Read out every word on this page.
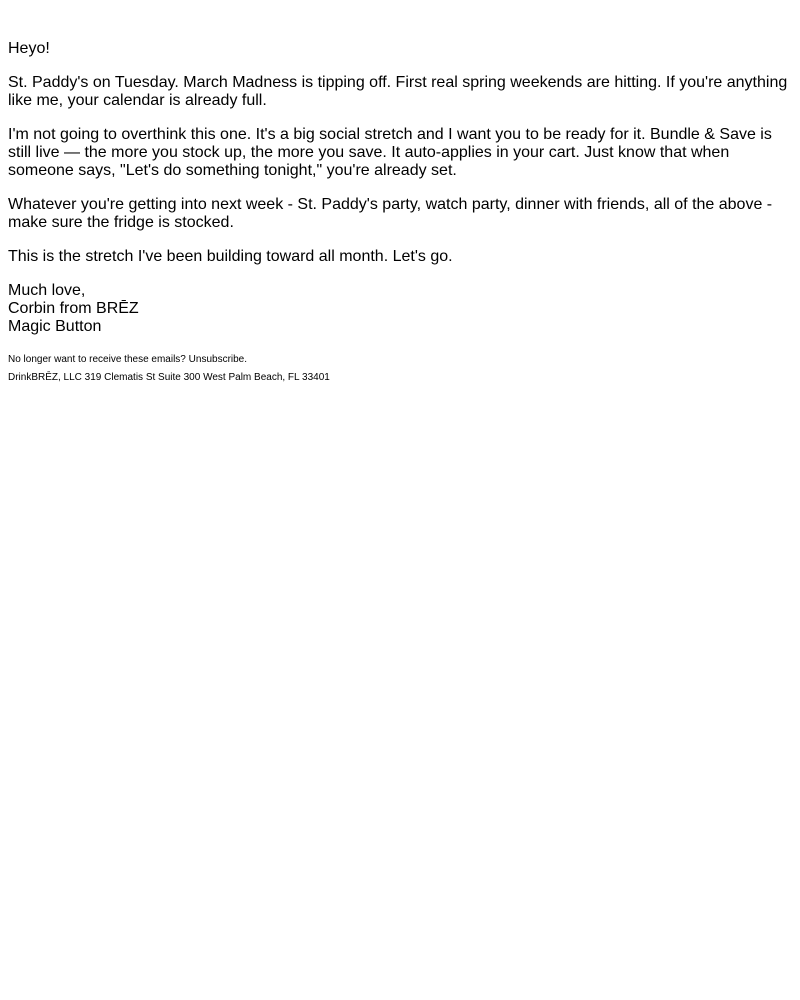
Heyo!

St. Paddy's on Tuesday. March Madness is tipping off. First real spring weekends are hitting. If you're anything like me, your calendar is already full.

I'm not going to overthink this one. It's a big social stretch and I want you to be ready for it. Bundle & Save is still live — the more you stock up, the more you save. It auto-applies in your cart. Just know that when someone says, "Let's do something tonight," you're already set.

Whatever you're getting into next week - St. Paddy's party, watch party, dinner with friends, all of the above - make sure the fridge is stocked.

This is the stretch I've been building toward all month. Let's go.

Much love,
Corbin from BRĒZ
Magic Button
No longer want to receive these emails? Unsubscribe.
DrinkBRĒZ, LLC 319 Clematis St Suite 300 West Palm Beach, FL 33401
